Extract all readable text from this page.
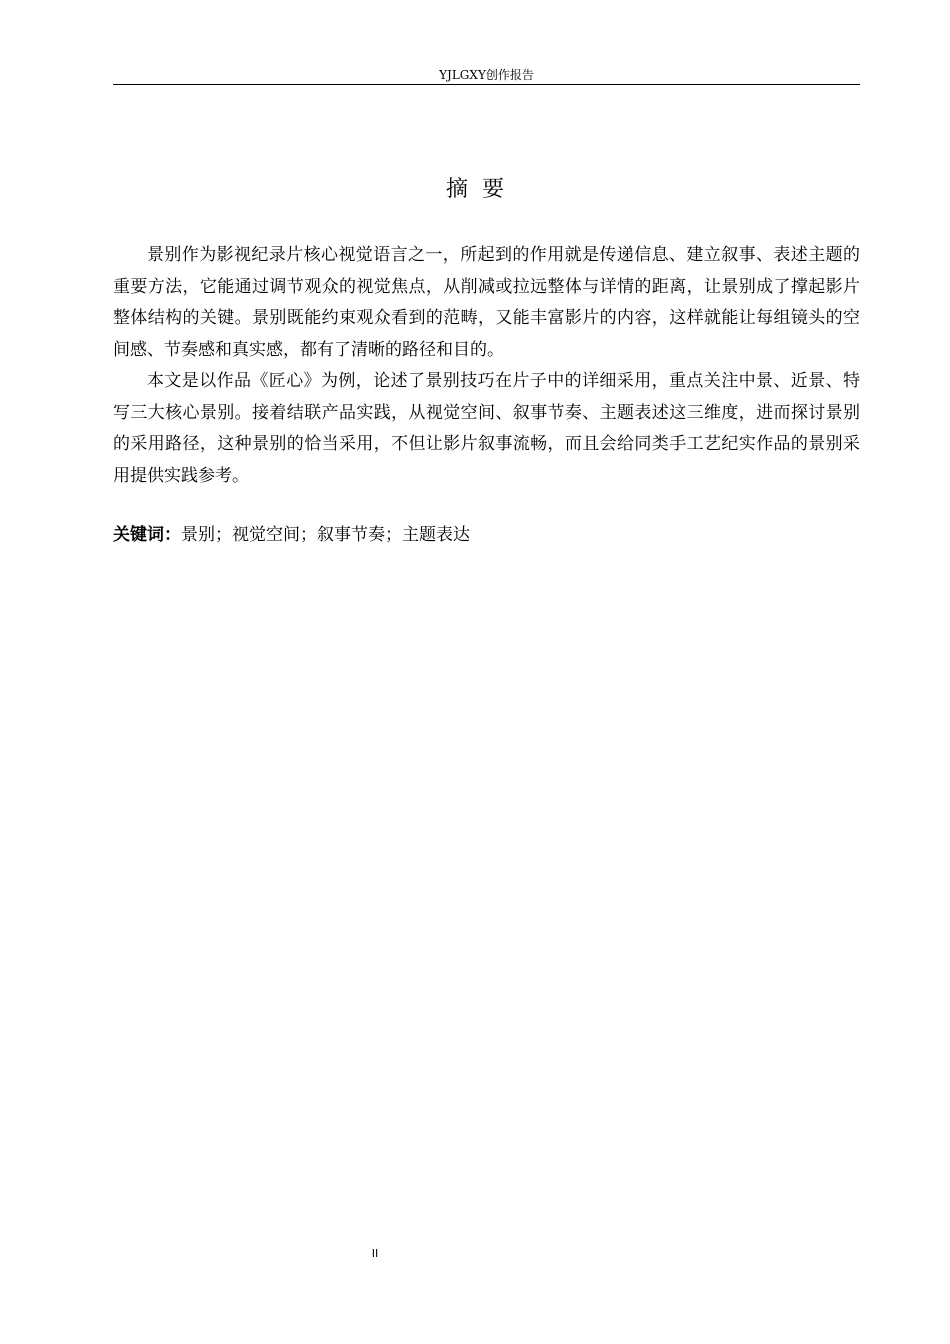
YJLGXY创作报告
摘  要

景别作为影视纪录片核心视觉语言之一，所起到的作用就是传递信息、建立叙事、表述主题的重要方法，它能通过调节观众的视觉焦点，从削减或拉远整体与详情的距离，让景别成了撑起影片整体结构的关键。景别既能约束观众看到的范畴，又能丰富影片的内容，这样就能让每组镜头的空间感、节奏感和真实感，都有了清晰的路径和目的。

本文是以作品《匠心》为例，论述了景别技巧在片子中的详细采用，重点关注中景、近景、特写三大核心景别。接着结联产品实践，从视觉空间、叙事节奏、主题表述这三维度，进而探讨景别的采用路径，这种景别的恰当采用，不但让影片叙事流畅，而且会给同类手工艺纪实作品的景别采用提供实践参考。

关键词：景别；视觉空间；叙事节奏；主题表达
II
